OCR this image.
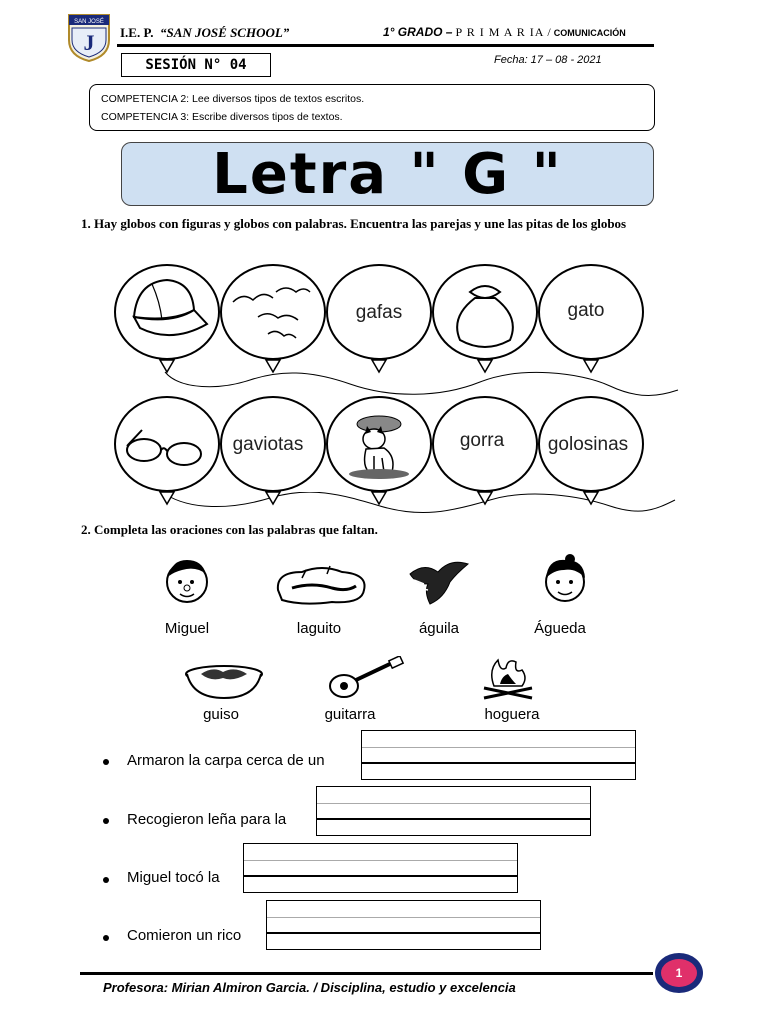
J
SAN JOSÉ
I.E. P. “SAN JOSÉ SCHOOL”	1° GRADO – P R I M A R IA / COMUNICACIÓN
SESIÓN N° 04	Fecha: 17 – 08 - 2021
COMPETENCIA 2: Lee diversos tipos de textos escritos.
COMPETENCIA 3: Escribe diversos tipos de textos.
Letra " G "
1. Hay globos con figuras y globos con palabras. Encuentra las parejas y une las pitas de los globos
gafas	gato
gaviotas	gorra golosinas
2. Completa las oraciones con las palabras que faltan.
Miguel	laguito	águila	Águeda
guiso	guitarra	hoguera
Armaron la carpa cerca de un
Recogieron leña para la
Miguel tocó la
Comieron un rico
Profesora: Mirian Almiron Garcia. / Disciplina, estudio y excelencia
1
